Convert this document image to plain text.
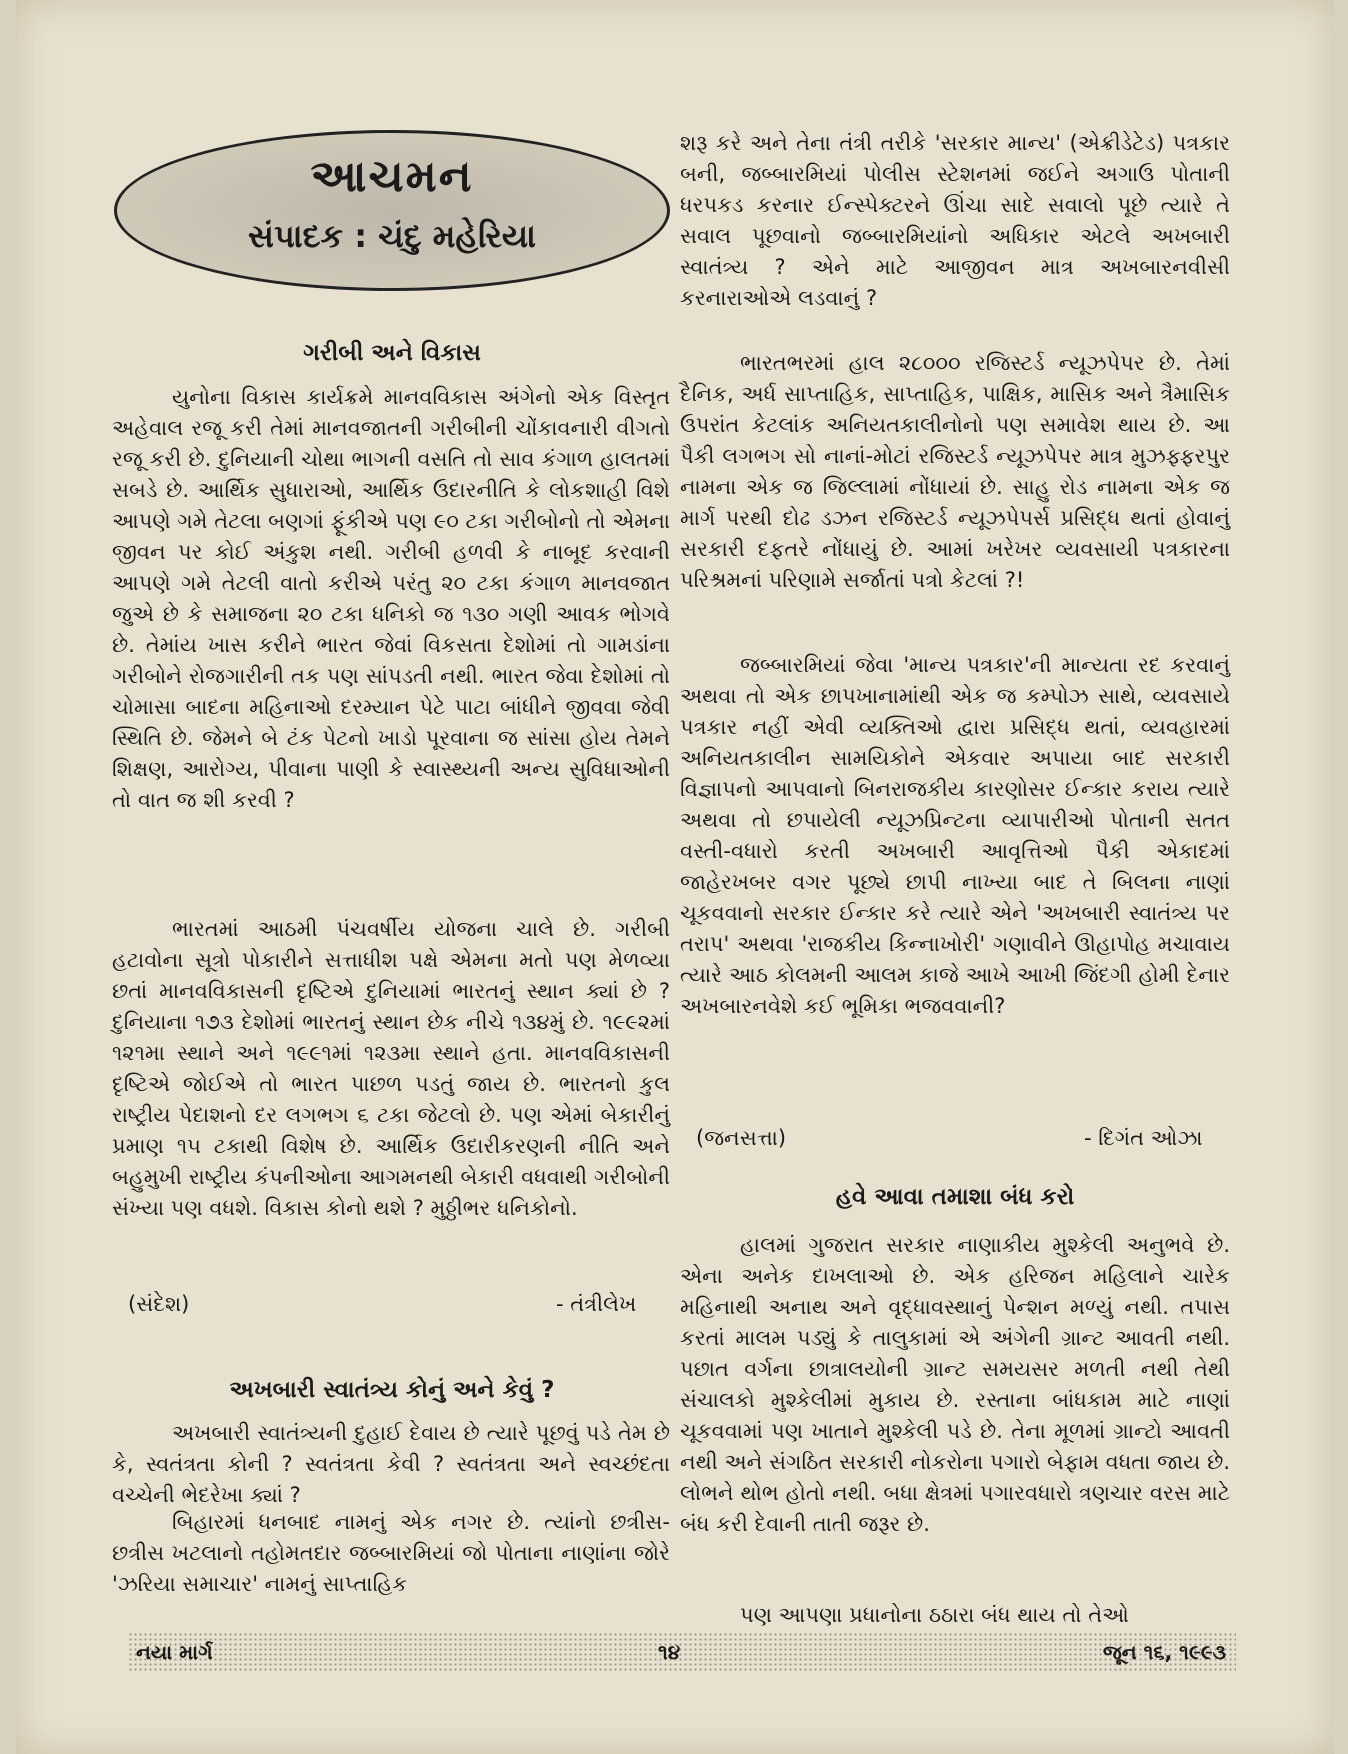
આચમન
સંપાદક : ચંદુ મહેરિયા
ગરીબી અને વિકાસ

યુનોના વિકાસ કાર્યક્રમે માનવવિકાસ અંગેનો એક વિસ્તૃત અહેવાલ રજૂ કરી તેમાં માનવજાતની ગરીબીની ચોંકાવનારી વીગતો રજૂ કરી છે. દુનિયાની ચોથા ભાગની વસતિ તો સાવ કંગાળ હાલતમાં સબડે છે. આર્થિક સુધારાઓ, આર્થિક ઉદારનીતિ કે લોકશાહી વિશે આપણે ગમે તેટલા બણગાં ફૂંકીએ પણ ૯૦ ટકા ગરીબોનો તો એમના જીવન પર કોઈ અંકુશ નથી. ગરીબી હળવી કે નાબૂદ કરવાની આપણે ગમે તેટલી વાતો કરીએ પરંતુ ૨૦ ટકા કંગાળ માનવજાત જુએ છે કે સમાજના ૨૦ ટકા ધનિકો જ ૧૩૦ ગણી આવક ભોગવે છે. તેમાંય ખાસ કરીને ભારત જેવાં વિકસતા દેશોમાં તો ગામડાંના ગરીબોને રોજગારીની તક પણ સાંપડતી નથી. ભારત જેવા દેશોમાં તો ચોમાસા બાદના મહિનાઓ દરમ્યાન પેટે પાટા બાંધીને જીવવા જેવી સ્થિતિ છે. જેમને બે ટંક પેટનો ખાડો પૂરવાના જ સાંસા હોય તેમને શિક્ષણ, આરોગ્ય, પીવાના પાણી કે સ્વાસ્થ્યની અન્ય સુવિધાઓની તો વાત જ શી કરવી ?

ભારતમાં આઠમી પંચવર્ષીય યોજના ચાલે છે. ગરીબી હટાવોના સૂત્રો પોકારીને સત્તાધીશ પક્ષે એમના મતો પણ મેળવ્યા છતાં માનવવિકાસની દૃષ્ટિએ દુનિયામાં ભારતનું સ્થાન ક્યાં છે ? દુનિયાના ૧૭૩ દેશોમાં ભારતનું સ્થાન છેક નીચે ૧૩૪મું છે. ૧૯૯૨માં ૧૨૧મા સ્થાને અને ૧૯૯૧માં ૧૨૩મા સ્થાને હતા. માનવવિકાસની દૃષ્ટિએ જોઈએ તો ભારત પાછળ પડતું જાય છે. ભારતનો કુલ રાષ્ટ્રીય પેદાશનો દર લગભગ ૬ ટકા જેટલો છે. પણ એમાં બેકારીનું પ્રમાણ ૧૫ ટકાથી વિશેષ છે. આર્થિક ઉદારીકરણની નીતિ અને બહુમુખી રાષ્ટ્રીય કંપનીઓના આગમનથી બેકારી વધવાથી ગરીબોની સંખ્યા પણ વધશે. વિકાસ કોનો થશે ? મુઠ્ઠીભર ધનિકોનો.

(સંદેશ)	- તંત્રીલેખ
અખબારી સ્વાતંત્ર્ય કોનું અને કેવું ?

અખબારી સ્વાતંત્ર્યની દુહાઈ દેવાય છે ત્યારે પૂછવું પડે તેમ છે કે, સ્વતંત્રતા કોની ? સ્વતંત્રતા કેવી ? સ્વતંત્રતા અને સ્વચ્છંદતા વચ્ચેની ભેદરેખા ક્યાં ?

બિહારમાં ધનબાદ નામનું એક નગર છે. ત્યાંનો છત્રીસ-છત્રીસ ખટલાનો તહોમતદાર જબ્બારમિયાં જો પોતાના નાણાંના જોરે 'ઝરિયા સમાચાર' નામનું સાપ્તાહિક

શરૂ કરે અને તેના તંત્રી તરીકે 'સરકાર માન્ય' (એક્રીડેટેડ) પત્રકાર બની, જબ્બારમિયાં પોલીસ સ્ટેશનમાં જઈને અગાઉ પોતાની ધરપકડ કરનાર ઈન્સ્પેક્ટરને ઊંચા સાદે સવાલો પૂછે ત્યારે તે સવાલ પૂછવાનો જબ્બારમિયાંનો અધિકાર એટલે અખબારી સ્વાતંત્ર્ય ? એને માટે આજીવન માત્ર અખબારનવીસી કરનારાઓએ લડવાનું ?

ભારતભરમાં હાલ ૨૮૦૦૦ રજિસ્ટર્ડ ન્યૂઝપેપર છે. તેમાં દૈનિક, અર્ધ સાપ્તાહિક, સાપ્તાહિક, પાક્ષિક, માસિક અને ત્રૈમાસિક ઉપરાંત કેટલાંક અનિયતકાલીનોનો પણ સમાવેશ થાય છે. આ પૈકી લગભગ સો નાનાં-મોટાં રજિસ્ટર્ડ ન્યૂઝપેપર માત્ર મુઝફ્ફરપુર નામના એક જ જિલ્લામાં નોંધાયાં છે. સાહુ રોડ નામના એક જ માર્ગ પરથી દોઢ ડઝન રજિસ્ટર્ડ ન્યૂઝપેપર્સ પ્રસિદ્ધ થતાં હોવાનું સરકારી દફતરે નોંધાયું છે. આમાં ખરેખર વ્યવસાયી પત્રકારના પરિશ્રમનાં પરિણામે સર્જાતાં પત્રો કેટલાં ?!

જબ્બારમિયાં જેવા 'માન્ય પત્રકાર'ની માન્યતા રદ કરવાનું અથવા તો એક છાપખાનામાંથી એક જ કમ્પોઝ સાથે, વ્યવસાયે પત્રકાર નહીં એવી વ્યક્તિઓ દ્વારા પ્રસિદ્ધ થતાં, વ્યવહારમાં અનિયતકાલીન સામયિકોને એકવાર અપાયા બાદ સરકારી વિજ્ઞાપનો આપવાનો બિનરાજકીય કારણોસર ઈન્કાર કરાય ત્યારે અથવા તો છપાયેલી ન્યૂઝપ્રિન્ટના વ્યાપારીઓ પોતાની સતત વસ્તી-વધારો કરતી અખબારી આવૃત્તિઓ પૈકી એકાદમાં જાહેરખબર વગર પૂછ્યે છાપી નાખ્યા બાદ તે બિલના નાણાં ચૂકવવાનો સરકાર ઈન્કાર કરે ત્યારે એને 'અખબારી સ્વાતંત્ર્ય પર તરાપ' અથવા 'રાજકીય કિન્નાખોરી' ગણાવીને ઊહાપોહ મચાવાય ત્યારે આઠ કોલમની આલમ કાજે આખે આખી જિંદગી હોમી દેનાર અખબારનવેશે કઈ ભૂમિકા ભજવવાની?

(જનસત્તા)	- દિગંત ઓઝા
હવે આવા તમાશા બંધ કરો

હાલમાં ગુજરાત સરકાર નાણાકીય મુશ્કેલી અનુભવે છે. એના અનેક દાખલાઓ છે. એક હરિજન મહિલાને ચારેક મહિનાથી અનાથ અને વૃદ્ધાવસ્થાનું પેન્શન મળ્યું નથી. તપાસ કરતાં માલમ પડ્યું કે તાલુકામાં એ અંગેની ગ્રાન્ટ આવતી નથી. પછાત વર્ગના છાત્રાલયોની ગ્રાન્ટ સમયસર મળતી નથી તેથી સંચાલકો મુશ્કેલીમાં મુકાય છે. રસ્તાના બાંધકામ માટે નાણાં ચૂકવવામાં પણ ખાતાને મુશ્કેલી પડે છે. તેના મૂળમાં ગ્રાન્ટો આવતી નથી અને સંગઠિત સરકારી નોકરોના પગારો બેફામ વધતા જાય છે. લોભને થોભ હોતો નથી. બધા ક્ષેત્રમાં પગારવધારો ત્રણચાર વરસ માટે બંધ કરી દેવાની તાતી જરૂર છે.

પણ આપણા પ્રધાનોના ઠઠારા બંધ થાય તો તેઓ

નયા માર્ગ	૧૪	જૂન ૧૬, ૧૯૯૩
